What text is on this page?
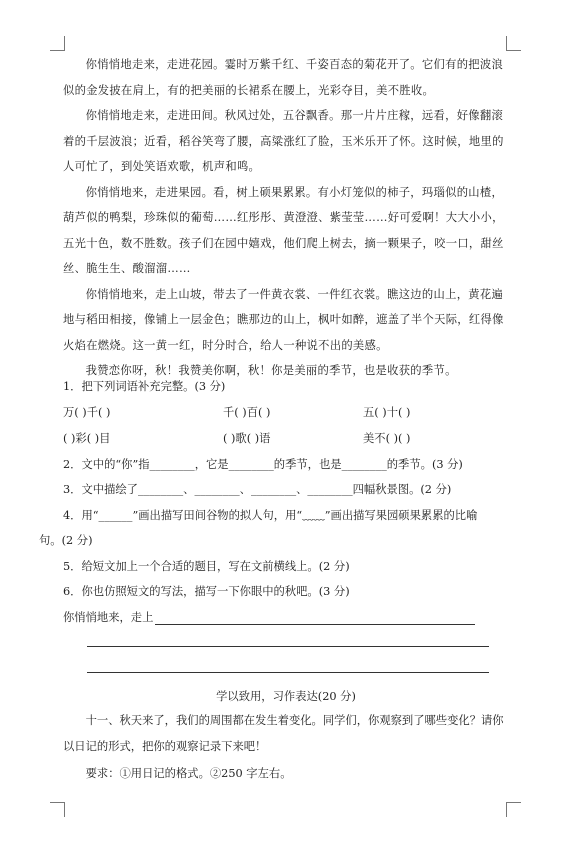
你悄悄地走来，走进花园。霎时万紫千红、千姿百态的菊花开了。它们有的把波浪似的金发披在肩上，有的把美丽的长裙系在腰上，光彩夺目，美不胜收。

你悄悄地走来，走进田间。秋风过处，五谷飘香。那一片片庄稼，远看，好像翻滚着的千层波浪；近看，稻谷笑弯了腰，高粱涨红了脸，玉米乐开了怀。这时候，地里的人可忙了，到处笑语欢歌，机声和鸣。

你悄悄地来，走进果园。看，树上硕果累累。有小灯笼似的柿子，玛瑙似的山楂，葫芦似的鸭梨，珍珠似的葡萄……红彤彤、黄澄澄、紫莹莹……好可爱啊！大大小小，五光十色，数不胜数。孩子们在园中嬉戏，他们爬上树去，摘一颗果子，咬一口，甜丝丝、脆生生、酸溜溜……

你悄悄地来，走上山坡，带去了一件黄衣裳、一件红衣裳。瞧这边的山上，黄花遍地与稻田相接，像铺上一层金色；瞧那边的山上，枫叶如醉，遮盖了半个天际，红得像火焰在燃烧。这一黄一红，时分时合，给人一种说不出的美感。

我赞恋你呀，秋！我赞美你啊，秋！你是美丽的季节，也是收获的季节。

1．把下列词语补充完整。(3 分)
万( )千( )	千( )百( )	五( )十( )
( )彩( )目	( )歌( )语	美不( )( )
2．文中的“你”指________，它是________的季节，也是________的季节。(3 分)
3．文中描绘了________、________、________、________四幅秋景图。(2 分)
4．用“______”画出描写田间谷物的拟人句，用“﹏﹏”画出描写果园硕果累累的比喻
句。(2 分)
5．给短文加上一个合适的题目，写在文前横线上。(2 分)
6．你也仿照短文的写法，描写一下你眼中的秋吧。(3 分)
你悄悄地来，走上
学以致用，习作表达(20 分)
十一、秋天来了，我们的周围都在发生着变化。同学们，你观察到了哪些变化？请你以日记的形式，把你的观察记录下来吧！
要求：①用日记的格式。②250 字左右。
